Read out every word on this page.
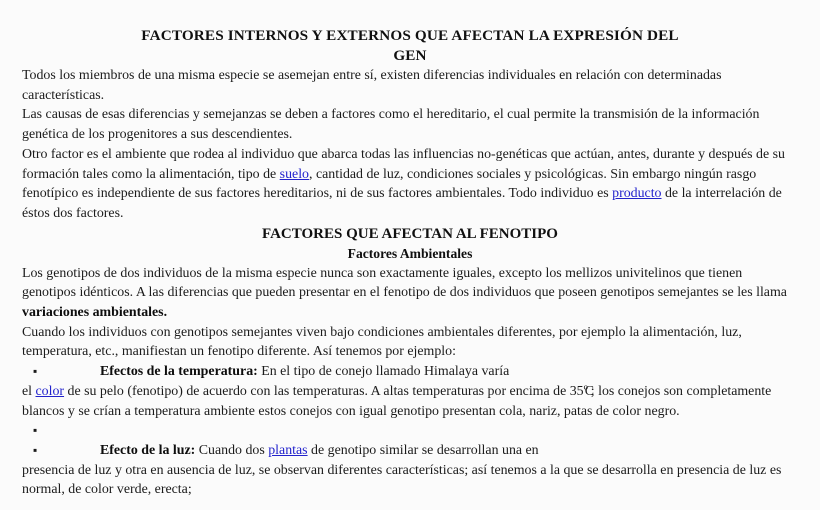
FACTORES INTERNOS Y EXTERNOS QUE AFECTAN LA EXPRESIÓN DEL
GEN

Todos los miembros de una misma especie se asemejan entre sí, existen diferencias individuales en relación con determinadas características.

Las causas de esas diferencias y semejanzas se deben a factores como el hereditario, el cual permite la transmisión de la información genética de los progenitores a sus descendientes.

Otro factor es el ambiente que rodea al individuo que abarca todas las influencias no-genéticas que actúan, antes, durante y después de su formación tales como la alimentación, tipo de suelo, cantidad de luz, condiciones sociales y psicológicas. Sin embargo ningún rasgo fenotípico es independiente de sus factores hereditarios, ni de sus factores ambientales. Todo individuo es producto de la interrelación de éstos dos factores.

FACTORES QUE AFECTAN AL FENOTIPO
Factores Ambientales

Los genotipos de dos individuos de la misma especie nunca son exactamente iguales, excepto los mellizos univitelinos que tienen genotipos idénticos. A las diferencias que pueden presentar en el fenotipo de dos individuos que poseen genotipos semejantes se les llama variaciones ambientales.

Cuando los individuos con genotipos semejantes viven bajo condiciones ambientales diferentes, por ejemplo la alimentación, luz, temperatura, etc., manifiestan un fenotipo diferente. Así tenemos por ejemplo:

▪Efectos de la temperatura: En el tipo de conejo llamado Himalaya varía

el color de su pelo (fenotipo) de acuerdo con las temperaturas. A altas temperaturas por encima de 35ºC; los conejos son completamente blancos y se crían a temperatura ambiente estos conejos con igual genotipo presentan cola, nariz, patas de color negro.

▪
▪Efecto de la luz: Cuando dos plantas de genotipo similar se desarrollan una en

presencia de luz y otra en ausencia de luz, se observan diferentes características; así tenemos a la que se desarrolla en presencia de luz es normal, de color verde, erecta;
